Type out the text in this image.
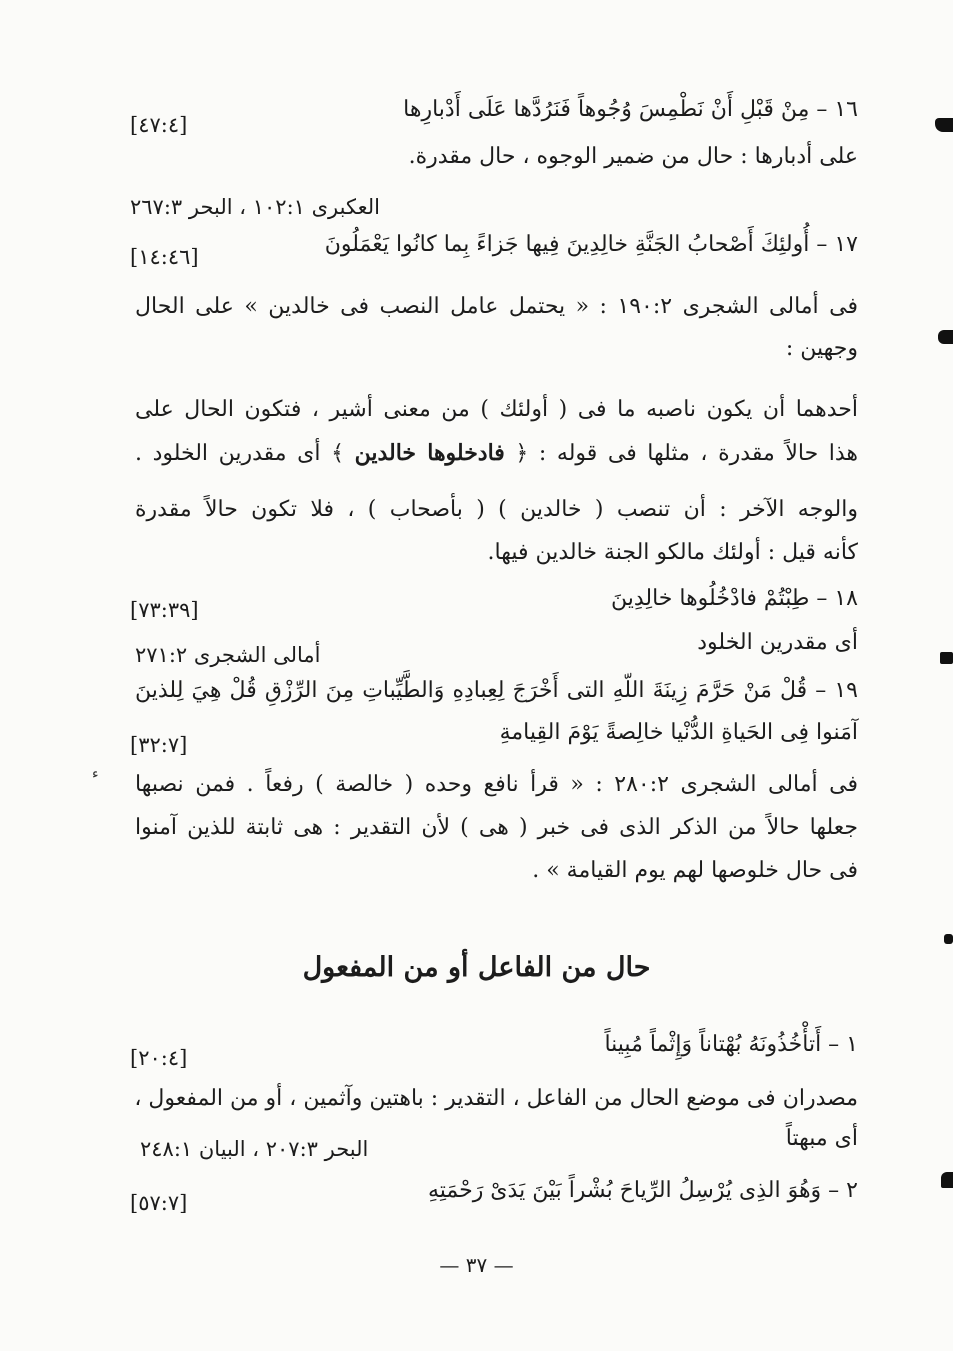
١٦ – مِنْ قَبْلِ أَنْ نَطْمِسَ وُجُوهاً فَنَرُدَّها عَلَى أَدْبارِها
[٤٧:٤]
على أدبارها : حال من ضمير الوجوه ، حال مقدرة.
العكبرى ١٠٢:١ ، البحر ٢٦٧:٣
١٧ – أُولئِكَ أَصْحابُ الجَنَّةِ خالِدِينَ فِيها جَزاءً بِما كانُوا يَعْمَلُونَ
[١٤:٤٦]
فى أمالى الشجرى ١٩٠:٢ : « يحتمل عامل النصب فى خالدين » على الحال
وجهين :
أحدهما أن يكون ناصبه ما فى ( أولئك ) من معنى أشير ، فتكون الحال على
هذا حالاً مقدرة ، مثلها فى قوله : ﴿ فادخلوها خالدين ﴾ أى مقدرين الخلود .
والوجه الآخر : أن تنصب ( خالدين ) ( بأصحاب ) ، فلا تكون حالاً مقدرة
كأنه قيل : أولئك مالكو الجنة خالدين فيها.
١٨ – طِبْتُمْ فادْخُلُوها خالِدِينَ
[٧٣:٣٩]
أى مقدرين الخلود
أمالى الشجرى ٢٧١:٢
١٩ – قُلْ مَنْ حَرَّمَ زِينَةَ اللّهِ التى أَخْرَجَ لِعِبادِهِ وَالطَّيِّباتِ مِنَ الرِّزْقِ قُلْ هِيَ لِلذينَ
آمَنوا فِى الحَياةِ الدُّنْيا خالِصةً يَوْمَ القِيامةِ
[٣٢:٧]
فى أمالى الشجرى ٢٨٠:٢ : « قرأ نافع وحده ( خالصة ) رفعاً . فمن نصبها
جعلها حالاً من الذكر الذى فى خبر ( هى ) لأن التقدير : هى ثابتة للذين آمنوا
فى حال خلوصها لهم يوم القيامة » .
حال من الفاعل أو من المفعول
١ – أَتأْخُذُونَهُ بُهْتاناً وَإِثْماً مُبِيناً
[٢٠:٤]
مصدران فى موضع الحال من الفاعل ، التقدير : باهتين وآثمين ، أو من المفعول ،
أى مبهتاً
البحر ٢٠٧:٣ ، البيان ٢٤٨:١
٢ – وَهُوَ الذِى يُرْسِلُ الرِّياحَ بُشْراً بَيْنَ يَدَىْ رَحْمَتِهِ
[٥٧:٧]
— ٣٧ —
ء
